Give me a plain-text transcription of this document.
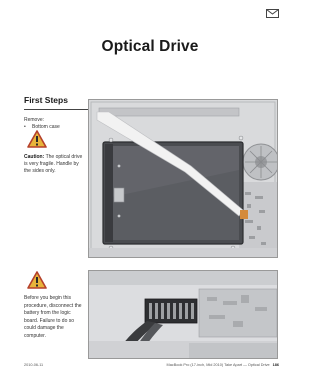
Optical Drive
First Steps
Remove:
• Bottom case
Caution: The optical drive is very fragile. Handle by the sides only.
Before you begin this procedure, disconnect the battery from the logic board. Failure to do so could damage the computer.
2010-06-11	MacBook Pro (17-inch, Mid 2010) Take Apart — Optical Drive 186
